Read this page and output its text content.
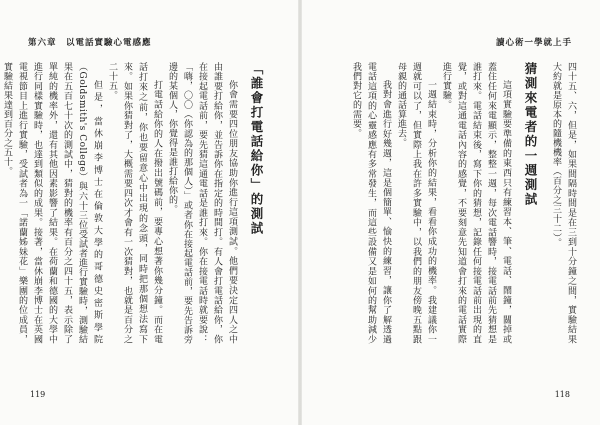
第六章　以電話實驗心電感應

「誰會打電話給你」的測試

你會需要四位朋友協助你進行這項測試。他們要決定四人之中由誰要打給你，並告訴你在指定的時間打。有人會打電話給你，你在接起電話前，要先猜這通電話是誰打來。你在接電話時就要說：「嗨，〇〇（你認為的那個人）」或者你在接起電話前，要先告訴旁邊的某個人，你覺得是誰打給你的。

打電話給你的人在撥出號碼前，要專心想著你幾分鐘。而在電話打來之前，你也要留意心中出現的念頭，同時把那個想法寫下來。如果你猜對了，大概需要四次才會有一次猜對，也就是百分之二十五。

但是，當休崩李博士在倫敦大學的哥德史密斯學院（Goldsmith's College）與六十三位受試者進行實驗時，測驗結果在五百七十次的測試中，猜對的機率有百分之四十五，表示除了單純的機率外，還有其他因素影響了結果。在荷蘭和德國的大學中進行同樣實驗時，也達到類似的成果。接著，當休崩李博士在英國電視節目上進行實驗，受試者為一「諾蘭姊妹花」樂團的位成員，實驗結果達到百分之五十。

119

讀心術一學就上手

四十五、六，但是，如果間隔時間是在三到十分鐘之間，實驗結果大約就是原本的隨機機率（百分之三十二）。

猜測來電者的一週測試

這項實驗要準備的東西只有練習本、筆、電話、鬧鐘，關掉或蓋住任何來電顯示，整整一週，每次電話響時，接電話前先猜想是誰打來。電話結束後，寫下你的猜想，記錄任何接電話前出現的直覺，或對這通電話內容的感覺，不要刻意先知道會打來的電話實際進行實驗。

一週結束時，分析你的結果，看看你成功的機率。我建議你一週就可以了，但實際上我在許多實驗中，以我們的朋友傍晚五點跟母親的通話算進去。

我對會進行好幾週，這是個簡單、愉快的練習，讓你了解透過電話這項的心靈感應有多常發生，而這些設備又是如何的幫助減少我們對它的需要。

118
